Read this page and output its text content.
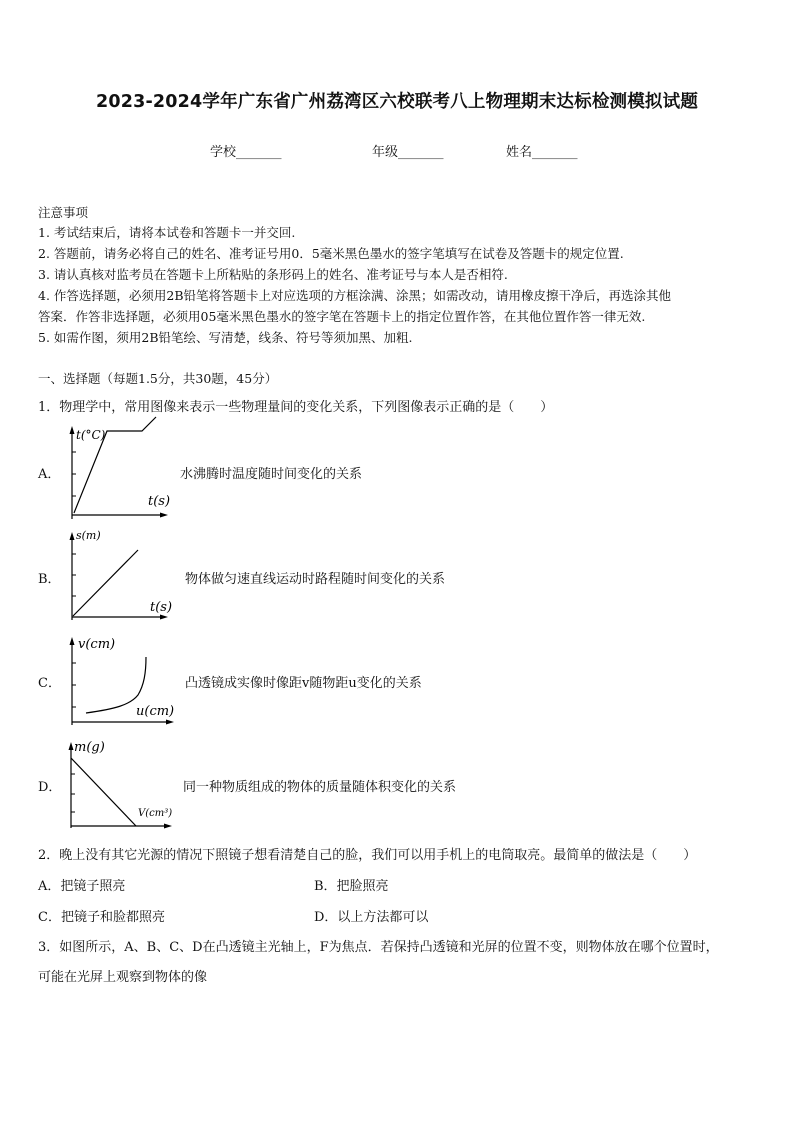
2023-2024学年广东省广州荔湾区六校联考八上物理期末达标检测模拟试题
学校_______	年级_______	姓名_______
注意事项
1. 考试结束后，请将本试卷和答题卡一并交回.
2. 答题前，请务必将自己的姓名、准考证号用0．5毫米黑色墨水的签字笔填写在试卷及答题卡的规定位置.
3. 请认真核对监考员在答题卡上所粘贴的条形码上的姓名、准考证号与本人是否相符.
4. 作答选择题，必须用2B铅笔将答题卡上对应选项的方框涂满、涂黑；如需改动，请用橡皮擦干净后，再选涂其他
答案．作答非选择题，必须用05毫米黑色墨水的签字笔在答题卡上的指定位置作答，在其他位置作答一律无效.
5. 如需作图，须用2B铅笔绘、写清楚，线条、符号等须加黑、加粗.
一、选择题（每题1.5分，共30题，45分）
1．物理学中，常用图像来表示一些物理量间的变化关系，下列图像表示正确的是（　　）
A．
t(°C)
t(s)
水沸腾时温度随时间变化的关系
B．
s(m)
t(s)
物体做匀速直线运动时路程随时间变化的关系
C．
v(cm)
u(cm)
凸透镜成实像时像距v随物距u变化的关系
D．
m(g)
V(cm³)
同一种物质组成的物体的质量随体积变化的关系
2．晚上没有其它光源的情况下照镜子想看清楚自己的脸，我们可以用手机上的电筒取亮。最简单的做法是（　　）
A．把镜子照亮	B．把脸照亮
C．把镜子和脸都照亮	D．以上方法都可以
3．如图所示，A、B、C、D在凸透镜主光轴上，F为焦点．若保持凸透镜和光屏的位置不变，则物体放在哪个位置时，
可能在光屏上观察到物体的像
